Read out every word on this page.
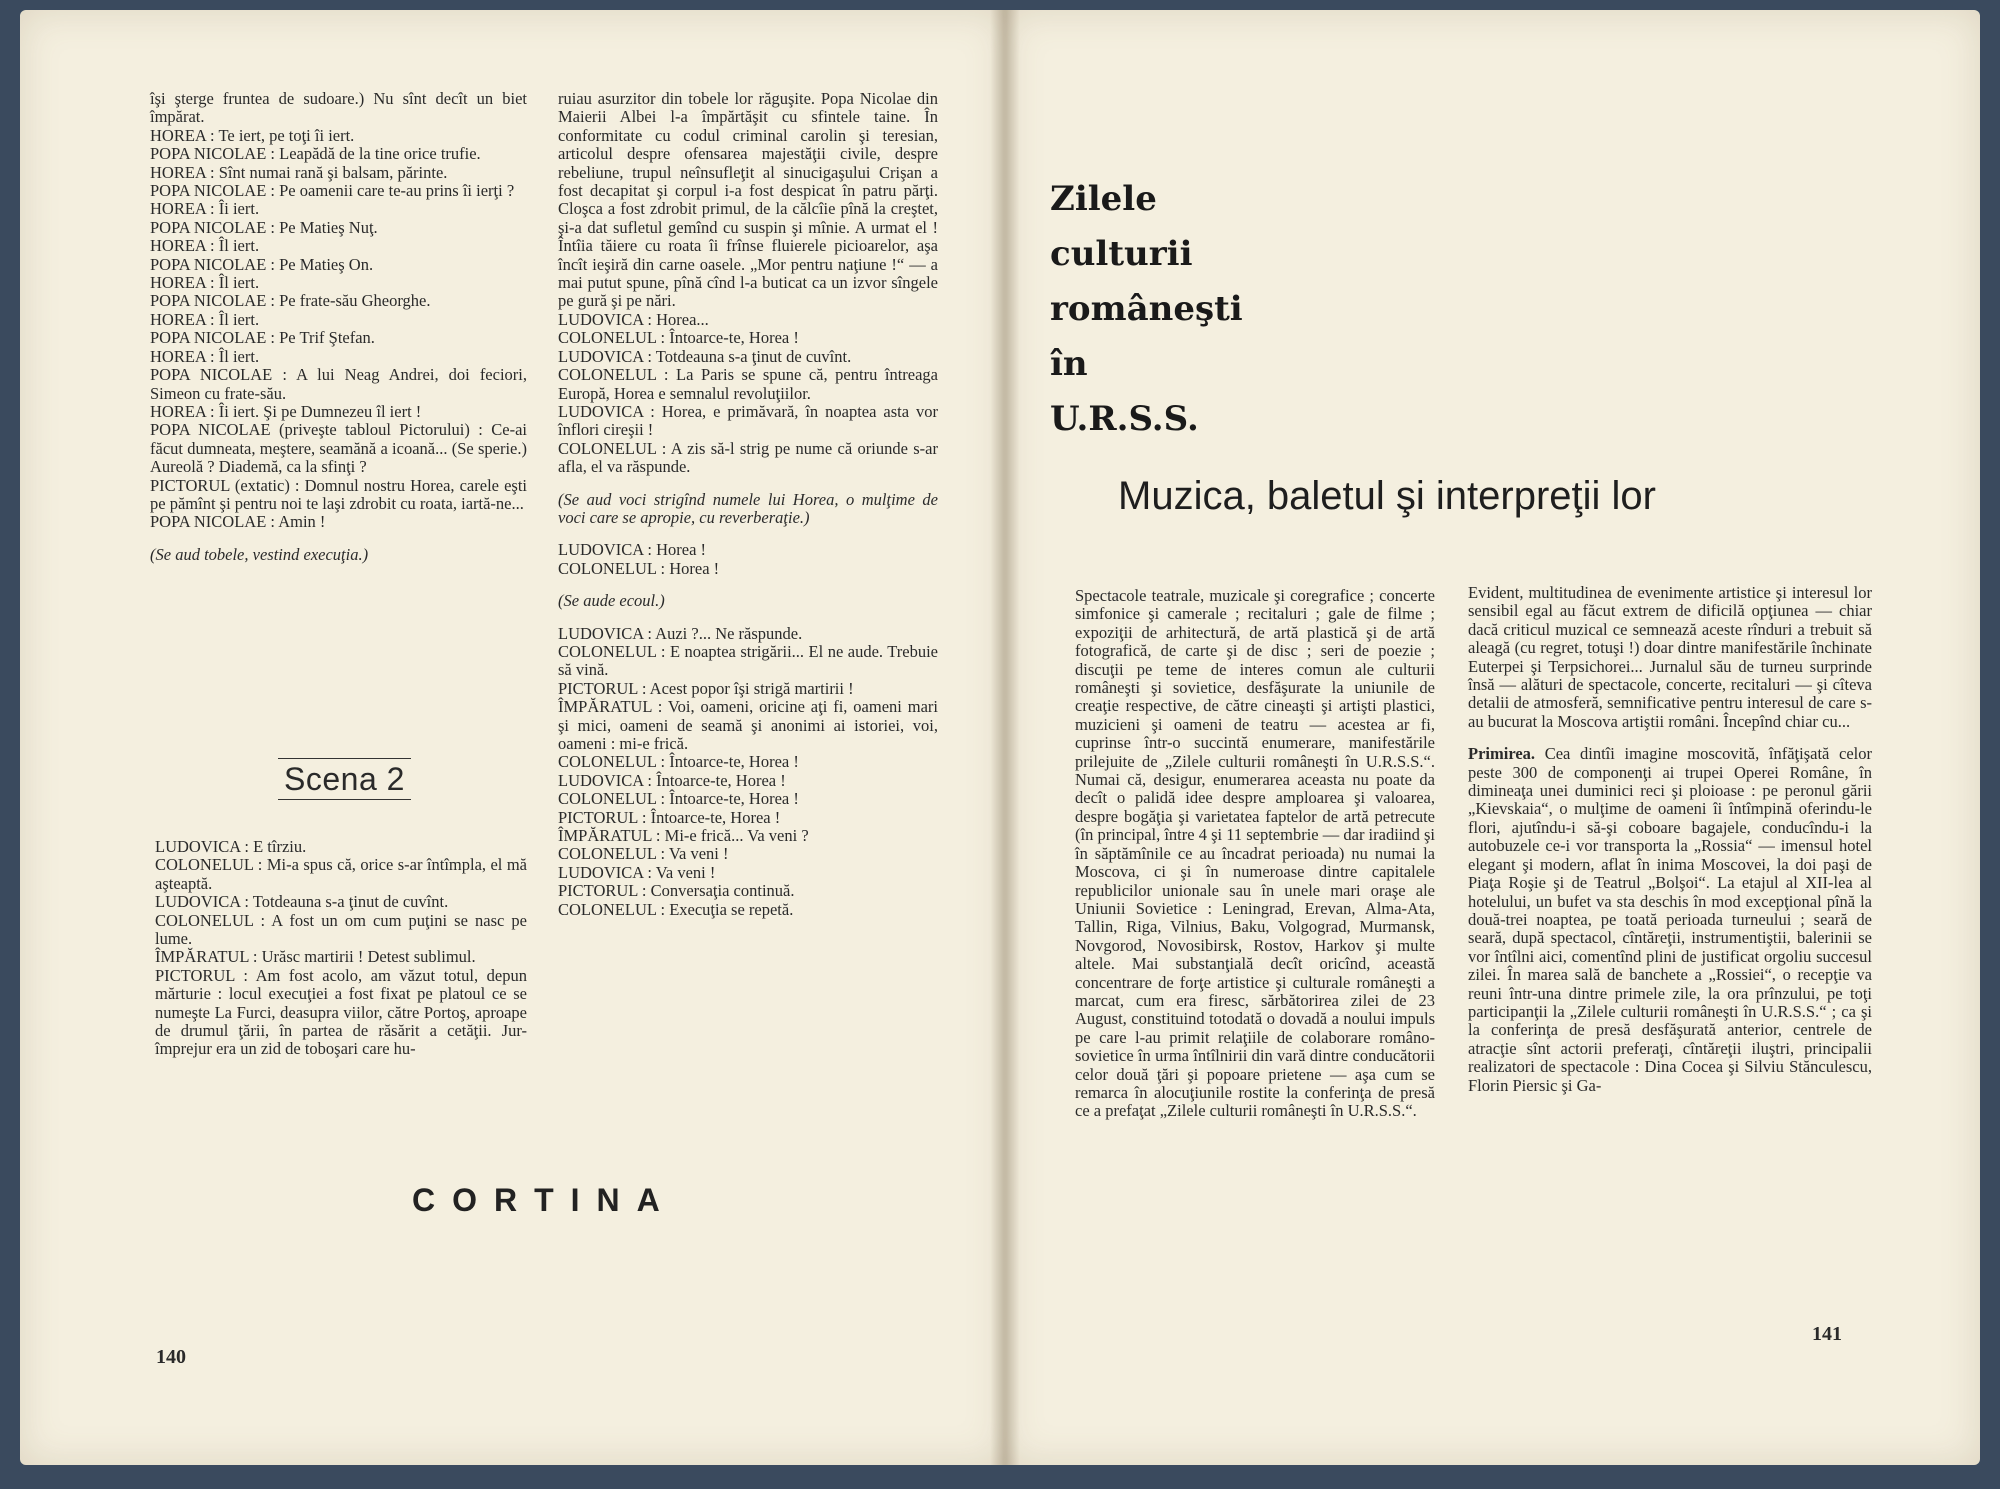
îşi şterge fruntea de sudoare.) Nu sînt decît un biet împărat.

HOREA : Te iert, pe toţi îi iert.

POPA NICOLAE : Leapădă de la tine orice trufie.

HOREA : Sînt numai rană şi balsam, părinte.

POPA NICOLAE : Pe oamenii care te-au prins îi ierţi ?

HOREA : Îi iert.

POPA NICOLAE : Pe Matieş Nuţ.

HOREA : Îl iert.

POPA NICOLAE : Pe Matieş On.

HOREA : Îl iert.

POPA NICOLAE : Pe frate-său Gheorghe.

HOREA : Îl iert.

POPA NICOLAE : Pe Trif Ştefan.

HOREA : Îl iert.

POPA NICOLAE : A lui Neag Andrei, doi feciori, Simeon cu frate-său.

HOREA : Îi iert. Şi pe Dumnezeu îl iert !

POPA NICOLAE (priveşte tabloul Pictorului) : Ce-ai făcut dumneata, meştere, seamănă a icoană... (Se sperie.) Aureolă ? Diademă, ca la sfinţi ?

PICTORUL (extatic) : Domnul nostru Horea, carele eşti pe pămînt şi pentru noi te laşi zdrobit cu roata, iartă-ne...

POPA NICOLAE : Amin !

(Se aud tobele, vestind execuţia.)

Scena 2

LUDOVICA : E tîrziu.

COLONELUL : Mi-a spus că, orice s-ar întîmpla, el mă aşteaptă.

LUDOVICA : Totdeauna s-a ţinut de cuvînt.

COLONELUL : A fost un om cum puţini se nasc pe lume.

ÎMPĂRATUL : Urăsc martirii ! Detest sublimul.

PICTORUL : Am fost acolo, am văzut totul, depun mărturie : locul execuţiei a fost fixat pe platoul ce se numeşte La Furci, deasupra viilor, către Portoş, aproape de drumul ţării, în partea de răsărit a cetăţii. Jur-împrejur era un zid de toboşari care hu-

ruiau asurzitor din tobele lor răguşite. Popa Nicolae din Maierii Albei l-a împărtăşit cu sfintele taine. În conformitate cu codul criminal carolin şi teresian, articolul despre ofensarea majestăţii civile, despre rebeliune, trupul neînsufleţit al sinucigaşului Crişan a fost decapitat şi corpul i-a fost despicat în patru părţi. Cloşca a fost zdrobit primul, de la călcîie pînă la creştet, şi-a dat sufletul gemînd cu suspin şi mînie. A urmat el ! Întîia tăiere cu roata îi frînse fluierele picioarelor, aşa încît ieşiră din carne oasele. „Mor pentru naţiune !“ — a mai putut spune, pînă cînd l-a buticat ca un izvor sîngele pe gură şi pe nări.

LUDOVICA : Horea...

COLONELUL : Întoarce-te, Horea !

LUDOVICA : Totdeauna s-a ţinut de cuvînt.

COLONELUL : La Paris se spune că, pentru întreaga Europă, Horea e semnalul revoluţiilor.

LUDOVICA : Horea, e primăvară, în noaptea asta vor înflori cireşii !

COLONELUL : A zis să-l strig pe nume că oriunde s-ar afla, el va răspunde.

(Se aud voci strigînd numele lui Horea, o mulţime de voci care se apropie, cu reverberaţie.)

LUDOVICA : Horea !

COLONELUL : Horea !

(Se aude ecoul.)

LUDOVICA : Auzi ?... Ne răspunde.

COLONELUL : E noaptea strigării... El ne aude. Trebuie să vină.

PICTORUL : Acest popor îşi strigă martirii !

ÎMPĂRATUL : Voi, oameni, oricine aţi fi, oameni mari şi mici, oameni de seamă şi anonimi ai istoriei, voi, oameni : mi-e frică.

COLONELUL : Întoarce-te, Horea !

LUDOVICA : Întoarce-te, Horea !

COLONELUL : Întoarce-te, Horea !

PICTORUL : Întoarce-te, Horea !

ÎMPĂRATUL : Mi-e frică... Va veni ?

COLONELUL : Va veni !

LUDOVICA : Va veni !

PICTORUL : Conversaţia continuă.

COLONELUL : Execuţia se repetă.

CORTINA
140
Zilele
culturii
româneşti
în
U.R.S.S.
Muzica, baletul şi interpreţii lor

Spectacole teatrale, muzicale şi coregrafice ; concerte simfonice şi camerale ; recitaluri ; gale de filme ; expoziţii de arhitectură, de artă plastică şi de artă fotografică, de carte şi de disc ; seri de poezie ; discuţii pe teme de interes comun ale culturii româneşti şi sovietice, desfăşurate la uniunile de creaţie respective, de către cineaşti şi artişti plastici, muzicieni şi oameni de teatru — acestea ar fi, cuprinse într-o succintă enumerare, manifestările prilejuite de „Zilele culturii româneşti în U.R.S.S.“. Numai că, desigur, enumerarea aceasta nu poate da decît o palidă idee despre amploarea şi valoarea, despre bogăţia şi varietatea faptelor de artă petrecute (în principal, între 4 şi 11 septembrie — dar iradiind şi în săptămînile ce au încadrat perioada) nu numai la Moscova, ci şi în numeroase dintre capitalele republicilor unionale sau în unele mari oraşe ale Uniunii Sovietice : Leningrad, Erevan, Alma-Ata, Tallin, Riga, Vilnius, Baku, Volgograd, Murmansk, Novgorod, Novosibirsk, Rostov, Harkov şi multe altele. Mai substanţială decît oricînd, această concentrare de forţe artistice şi culturale româneşti a marcat, cum era firesc, sărbătorirea zilei de 23 August, constituind totodată o dovadă a noului impuls pe care l-au primit relaţiile de colaborare româno-sovietice în urma întîlnirii din vară dintre conducătorii celor două ţări şi popoare prietene — aşa cum se remarca în alocuţiunile rostite la conferinţa de presă ce a prefaţat „Zilele culturii româneşti în U.R.S.S.“.

Evident, multitudinea de evenimente artistice şi interesul lor sensibil egal au făcut extrem de dificilă opţiunea — chiar dacă criticul muzical ce semnează aceste rînduri a trebuit să aleagă (cu regret, totuşi !) doar dintre manifestările închinate Euterpei şi Terpsichorei... Jurnalul său de turneu surprinde însă — alături de spectacole, concerte, recitaluri — şi cîteva detalii de atmosferă, semnificative pentru interesul de care s-au bucurat la Moscova artiştii români. Începînd chiar cu...

Primirea. Cea dintîi imagine moscovită, înfăţişată celor peste 300 de componenţi ai trupei Operei Române, în dimineaţa unei duminici reci şi ploioase : pe peronul gării „Kievskaia“, o mulţime de oameni îi întîmpină oferindu-le flori, ajutîndu-i să-şi coboare bagajele, conducîndu-i la autobuzele ce-i vor transporta la „Rossia“ — imensul hotel elegant şi modern, aflat în inima Moscovei, la doi paşi de Piaţa Roşie şi de Teatrul „Bolşoi“. La etajul al XII-lea al hotelului, un bufet va sta deschis în mod excepţional pînă la două-trei noaptea, pe toată perioada turneului ; seară de seară, după spectacol, cîntăreţii, instrumentiştii, balerinii se vor întîlni aici, comentînd plini de justificat orgoliu succesul zilei. În marea sală de banchete a „Rossiei“, o recepţie va reuni într-una dintre primele zile, la ora prînzului, pe toţi participanţii la „Zilele culturii româneşti în U.R.S.S.“ ; ca şi la conferinţa de presă desfăşurată anterior, centrele de atracţie sînt actorii preferaţi, cîntăreţii iluştri, principalii realizatori de spectacole : Dina Cocea şi Silviu Stănculescu, Florin Piersic şi Ga-

141
